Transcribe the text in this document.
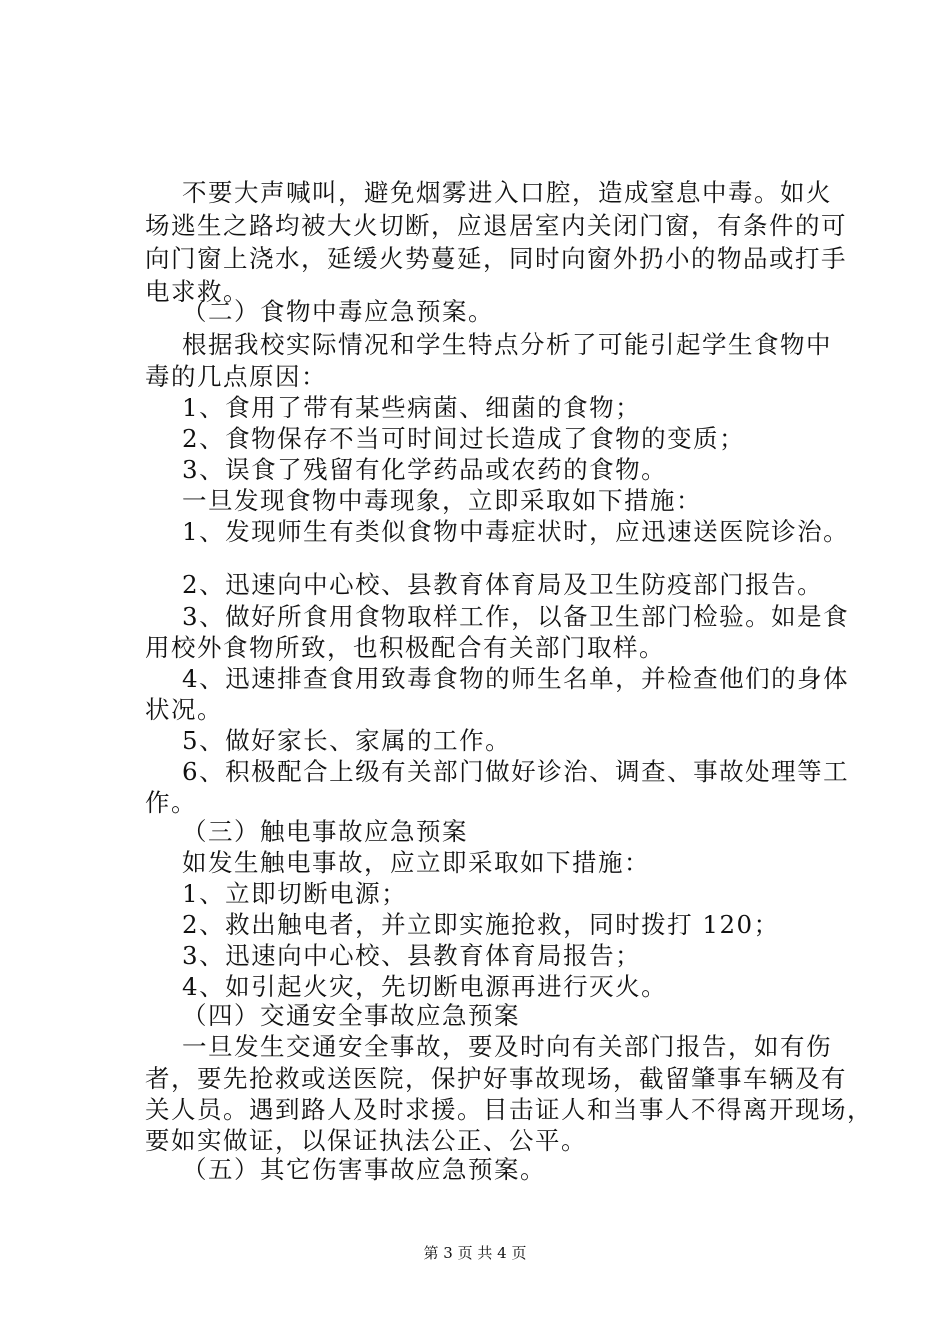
不要大声喊叫，避免烟雾进入口腔，造成窒息中毒。如火
场逃生之路均被大火切断，应退居室内关闭门窗，有条件的可
向门窗上浇水，延缓火势蔓延，同时向窗外扔小的物品或打手
电求救。
（二）食物中毒应急预案。
根据我校实际情况和学生特点分析了可能引起学生食物中
毒的几点原因：
1、食用了带有某些病菌、细菌的食物；
2、食物保存不当可时间过长造成了食物的变质；
3、误食了残留有化学药品或农药的食物。
一旦发现食物中毒现象，立即采取如下措施：
1、发现师生有类似食物中毒症状时，应迅速送医院诊治。
2、迅速向中心校、县教育体育局及卫生防疫部门报告。
3、做好所食用食物取样工作，以备卫生部门检验。如是食
用校外食物所致，也积极配合有关部门取样。
4、迅速排查食用致毒食物的师生名单，并检查他们的身体
状况。
5、做好家长、家属的工作。
6、积极配合上级有关部门做好诊治、调查、事故处理等工
作。
（三）触电事故应急预案
如发生触电事故，应立即采取如下措施：
1、立即切断电源；
2、救出触电者，并立即实施抢救，同时拨打 120；
3、迅速向中心校、县教育体育局报告；
4、如引起火灾，先切断电源再进行灭火。
（四）交通安全事故应急预案
一旦发生交通安全事故，要及时向有关部门报告，如有伤
者，要先抢救或送医院，保护好事故现场，截留肇事车辆及有
关人员。遇到路人及时求援。目击证人和当事人不得离开现场，
要如实做证，以保证执法公正、公平。
（五）其它伤害事故应急预案。
第 3 页 共 4 页
